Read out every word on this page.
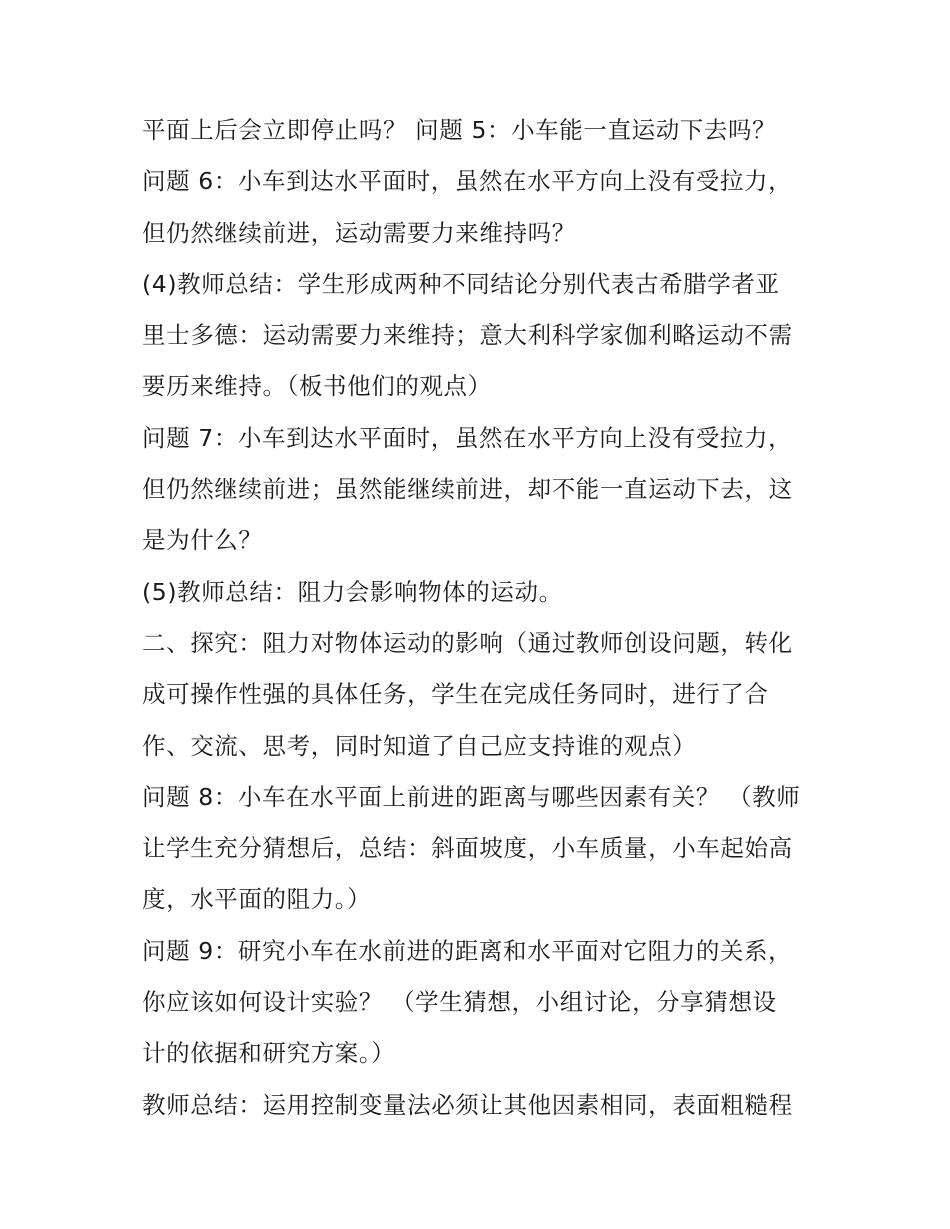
平面上后会立即停止吗？ 问题 5：小车能一直运动下去吗？
问题 6：小车到达水平面时，虽然在水平方向上没有受拉力，
但仍然继续前进，运动需要力来维持吗？
(4)教师总结：学生形成两种不同结论分别代表古希腊学者亚
里士多德：运动需要力来维持；意大利科学家伽利略运动不需
要历来维持。（板书他们的观点）
问题 7：小车到达水平面时，虽然在水平方向上没有受拉力，
但仍然继续前进；虽然能继续前进，却不能一直运动下去，这
是为什么？
(5)教师总结：阻力会影响物体的运动。
二、探究：阻力对物体运动的影响（通过教师创设问题，转化
成可操作性强的具体任务，学生在完成任务同时，进行了合
作、交流、思考，同时知道了自己应支持谁的观点）
问题 8：小车在水平面上前进的距离与哪些因素有关？ （教师
让学生充分猜想后，总结：斜面坡度，小车质量，小车起始高
度，水平面的阻力。）
问题 9：研究小车在水前进的距离和水平面对它阻力的关系，
你应该如何设计实验？ （学生猜想，小组讨论，分享猜想设
计的依据和研究方案。）
教师总结：运用控制变量法必须让其他因素相同，表面粗糙程
